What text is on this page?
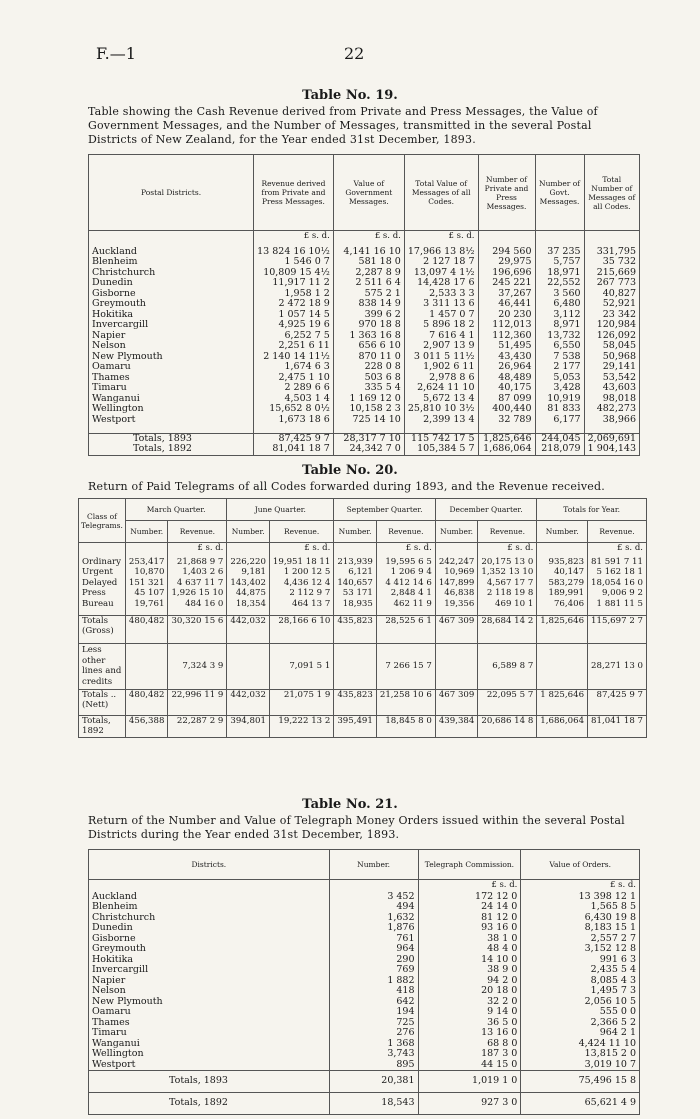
F.—1	22
Table No. 19.
Table showing the Cash Revenue derived from Private and Press Messages, the Value of Government Messages, and the Number of Messages, transmitted in the several Postal Districts of New Zealand, for the Year ended 31st December, 1893.
Postal Districts.	Revenue derived from Private and Press Messages.	Value of Government Messages.	Total Value of Messages of all Codes.	Number of Private and Press Messages.	Number of Govt. Messages.	Total Number of Messages of all Codes.
	£ s. d.	£ s. d.	£ s. d.			
Auckland	13 824 16 10½	4,141 16 10	17,966 13 8½	294 560	37 235	331,795
Blenheim	1 546 0 7	581 18 0	2 127 18 7	29,975	5,757	35 732
Christchurch	10,809 15 4½	2,287 8 9	13,097 4 1½	196,696	18,971	215,669
Dunedin	11,917 11 2	2 511 6 4	14,428 17 6	245 221	22,552	267 773
Gisborne	1,958 1 2	575 2 1	2,533 3 3	37,267	3 560	40,827
Greymouth	2 472 18 9	838 14 9	3 311 13 6	46,441	6,480	52,921
Hokitika	1 057 14 5	399 6 2	1 457 0 7	20 230	3,112	23 342
Invercargill	4,925 19 6	970 18 8	5 896 18 2	112,013	8,971	120,984
Napier	6,252 7 5	1 363 16 8	7 616 4 1	112,360	13,732	126,092
Nelson	2,251 6 11	656 6 10	2,907 13 9	51,495	6,550	58,045
New Plymouth	2 140 14 11½	870 11 0	3 011 5 11½	43,430	7 538	50,968
Oamaru	1,674 6 3	228 0 8	1,902 6 11	26,964	2 177	29,141
Thames	2,475 1 10	503 6 8	2,978 8 6	48,489	5,053	53,542
Timaru	2 289 6 6	335 5 4	2,624 11 10	40,175	3,428	43,603
Wanganui	4,503 1 4	1 169 12 0	5,672 13 4	87 099	10,919	98,018
Wellington	15,652 8 0½	10,158 2 3	25,810 10 3½	400,440	81 833	482,273
Westport	1,673 18 6	725 14 10	2,399 13 4	32 789	6,177	38,966

Totals, 1893	87,425 9 7	28,317 7 10	115 742 17 5	1,825,646	244,045	2,069,691
Totals, 1892	81,041 18 7	24,342 7 0	105,384 5 7	1,686,064	218,079	1 904,143
Table No. 20.
Return of Paid Telegrams of all Codes forwarded during 1893, and the Revenue received.
Class of Telegrams.	March Quarter.		June Quarter.		September Quarter.		December Quarter.		Totals for Year.	
	Number.	Revenue.	Number.	Revenue.	Number.	Revenue.	Number.	Revenue.	Number.	Revenue.
		£ s. d.		£ s. d.		£ s. d.		£ s. d.		£ s. d.
Ordinary	253,417	21,868 9 7	226,220	19,951 18 11	213,939	19,595 6 5	242,247	20,175 13 0	935,823	81 591 7 11
Urgent	10,870	1,403 2 6	9,181	1 200 12 5	6,121	1 206 9 4	10,969	1,352 13 10	40,147	5 162 18 1
Delayed	151 321	4 637 11 7	143,402	4,436 12 4	140,657	4 412 14 6	147,899	4,567 17 7	583,279	18,054 16 0
Press	45 107	1,926 15 10	44,875	2 112 9 7	53 171	2,848 4 1	46,838	2 118 19 8	189,991	9,006 9 2
Bureau	19,761	484 16 0	18,354	464 13 7	18,935	462 11 9	19,356	469 10 1	76,406	1 881 11 5

Totals (Gross)	480,482	30,320 15 6	442,032	28,166 6 10	435,823	28,525 6 1	467 309	28,684 14 2	1,825,646	115,697 2 7
Less other lines and credits		7,324 3 9		7,091 5 1		7 266 15 7		6,589 8 7		28,271 13 0
Totals .. (Nett)	480,482	22,996 11 9	442,032	21,075 1 9	435,823	21,258 10 6	467 309	22,095 5 7	1 825,646	87,425 9 7
Totals, 1892	456,388	22,287 2 9	394,801	19,222 13 2	395,491	18,845 8 0	439,384	20,686 14 8	1,686,064	81,041 18 7
Table No. 21.
Return of the Number and Value of Telegraph Money Orders issued within the several Postal Districts during the Year ended 31st December, 1893.
Districts.	Number.	Telegraph Commission.	Value of Orders.
		£ s. d.	£ s. d.
Auckland	3 452	172 12 0	13 398 12 1
Blenheim	494	24 14 0	1,565 8 5
Christchurch	1,632	81 12 0	6,430 19 8
Dunedin	1,876	93 16 0	8,183 15 1
Gisborne	761	38 1 0	2,557 2 7
Greymouth	964	48 4 0	3,152 12 8
Hokitika	290	14 10 0	991 6 3
Invercargill	769	38 9 0	2,435 5 4
Napier	1 882	94 2 0	8,085 4 3
Nelson	418	20 18 0	1,495 7 3
New Plymouth	642	32 2 0	2,056 10 5
Oamaru	194	9 14 0	555 0 0
Thames	725	36 5 0	2,366 5 2
Timaru	276	13 16 0	964 2 1
Wanganui	1 368	68 8 0	4,424 11 10
Wellington	3,743	187 3 0	13,815 2 0
Westport	895	44 15 0	3,019 10 7
Totals, 1893	20,381	1,019 1 0	75,496 15 8
Totals, 1892	18,543	927 3 0	65,621 4 9
